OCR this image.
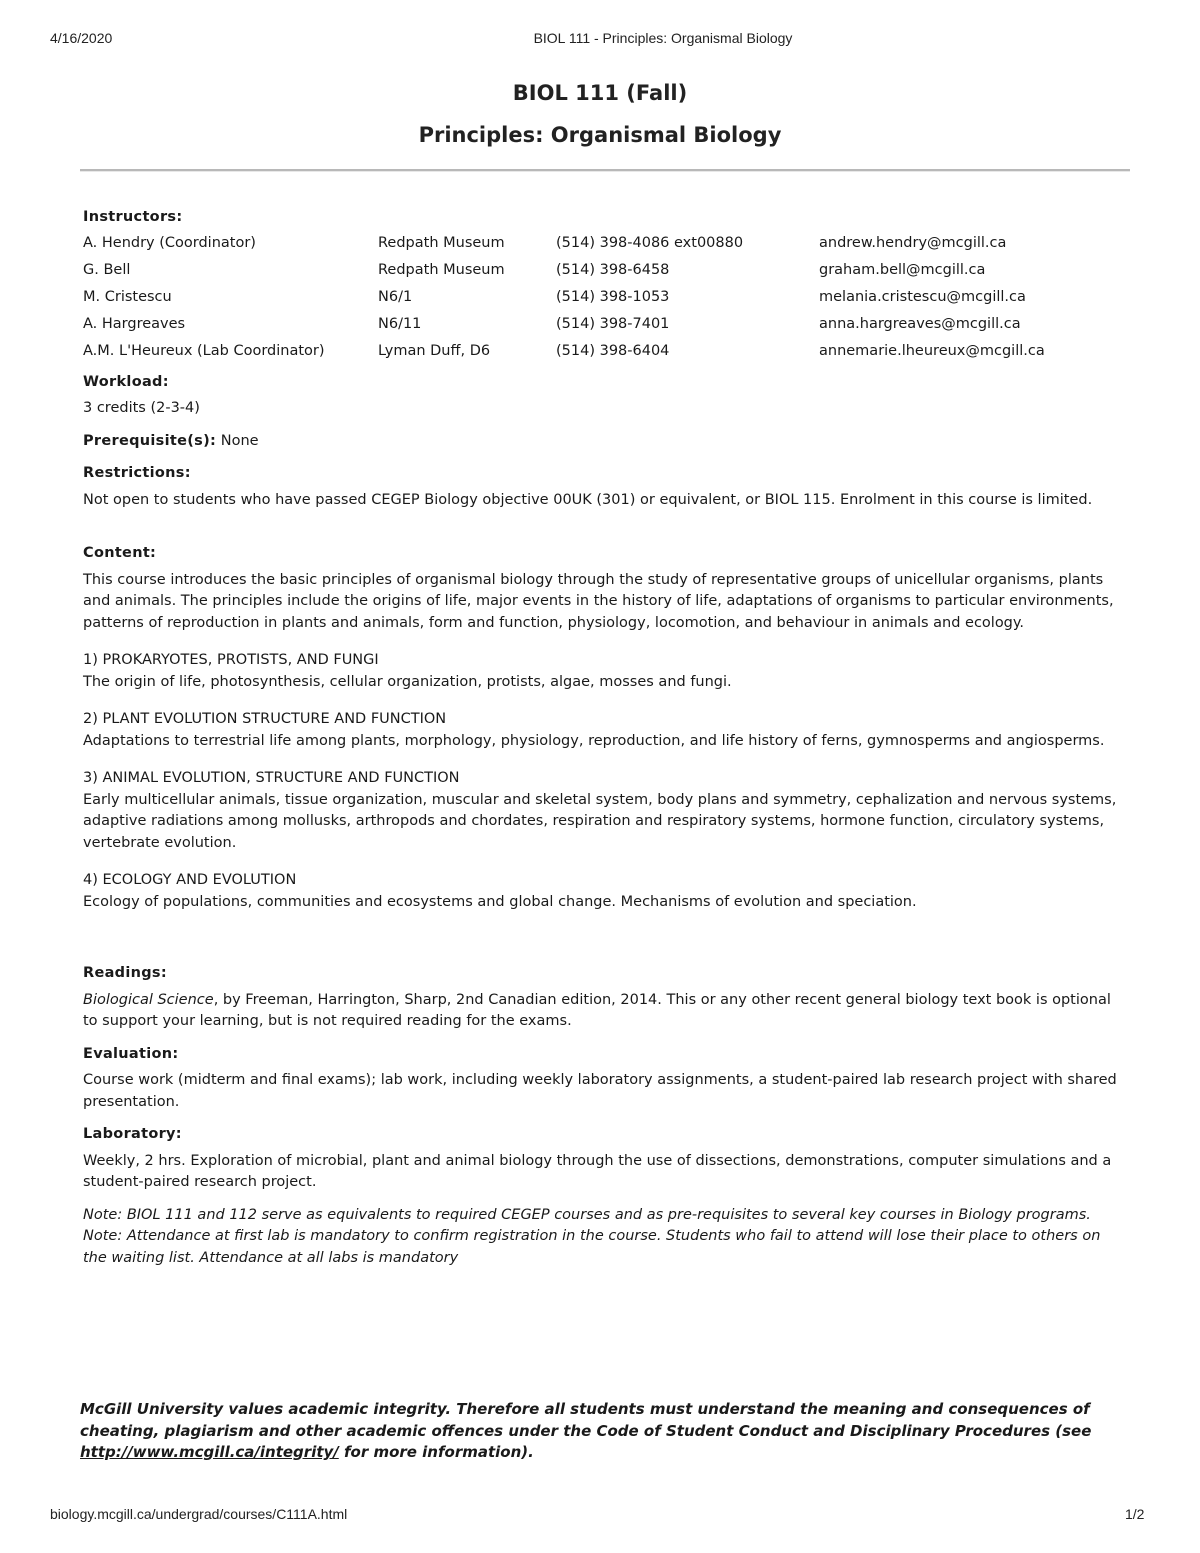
4/16/2020	BIOL 111 - Principles: Organismal Biology
BIOL 111 (Fall)
Principles: Organismal Biology
Instructors:
A. Hendry (Coordinator)	Redpath Museum	(514) 398-4086 ext00880	andrew.hendry@mcgill.ca
G. Bell	Redpath Museum	(514) 398-6458	graham.bell@mcgill.ca
M. Cristescu	N6/1	(514) 398-1053	melania.cristescu@mcgill.ca
A. Hargreaves	N6/11	(514) 398-7401	anna.hargreaves@mcgill.ca
A.M. L'Heureux (Lab Coordinator)	Lyman Duff, D6	(514) 398-6404	annemarie.lheureux@mcgill.ca
Workload:
3 credits (2-3-4)
Prerequisite(s): None
Restrictions:
Not open to students who have passed CEGEP Biology objective 00UK (301) or equivalent, or BIOL 115. Enrolment in this course is limited.
Content:
This course introduces the basic principles of organismal biology through the study of representative groups of unicellular organisms, plants and animals. The principles include the origins of life, major events in the history of life, adaptations of organisms to particular environments, patterns of reproduction in plants and animals, form and function, physiology, locomotion, and behaviour in animals and ecology.
1) PROKARYOTES, PROTISTS, AND FUNGI
The origin of life, photosynthesis, cellular organization, protists, algae, mosses and fungi.
2) PLANT EVOLUTION STRUCTURE AND FUNCTION
Adaptations to terrestrial life among plants, morphology, physiology, reproduction, and life history of ferns, gymnosperms and angiosperms.
3) ANIMAL EVOLUTION, STRUCTURE AND FUNCTION
Early multicellular animals, tissue organization, muscular and skeletal system, body plans and symmetry, cephalization and nervous systems, adaptive radiations among mollusks, arthropods and chordates, respiration and respiratory systems, hormone function, circulatory systems, vertebrate evolution.
4) ECOLOGY AND EVOLUTION
Ecology of populations, communities and ecosystems and global change. Mechanisms of evolution and speciation.
Readings:
Biological Science, by Freeman, Harrington, Sharp, 2nd Canadian edition, 2014. This or any other recent general biology text book is optional to support your learning, but is not required reading for the exams.
Evaluation:
Course work (midterm and final exams); lab work, including weekly laboratory assignments, a student-paired lab research project with shared presentation.
Laboratory:
Weekly, 2 hrs. Exploration of microbial, plant and animal biology through the use of dissections, demonstrations, computer simulations and a student-paired research project.
Note: BIOL 111 and 112 serve as equivalents to required CEGEP courses and as pre-requisites to several key courses in Biology programs.
Note: Attendance at first lab is mandatory to confirm registration in the course. Students who fail to attend will lose their place to others on the waiting list. Attendance at all labs is mandatory
McGill University values academic integrity. Therefore all students must understand the meaning and consequences of cheating, plagiarism and other academic offences under the Code of Student Conduct and Disciplinary Procedures (see http://www.mcgill.ca/integrity/ for more information).
biology.mcgill.ca/undergrad/courses/C111A.html	1/2
